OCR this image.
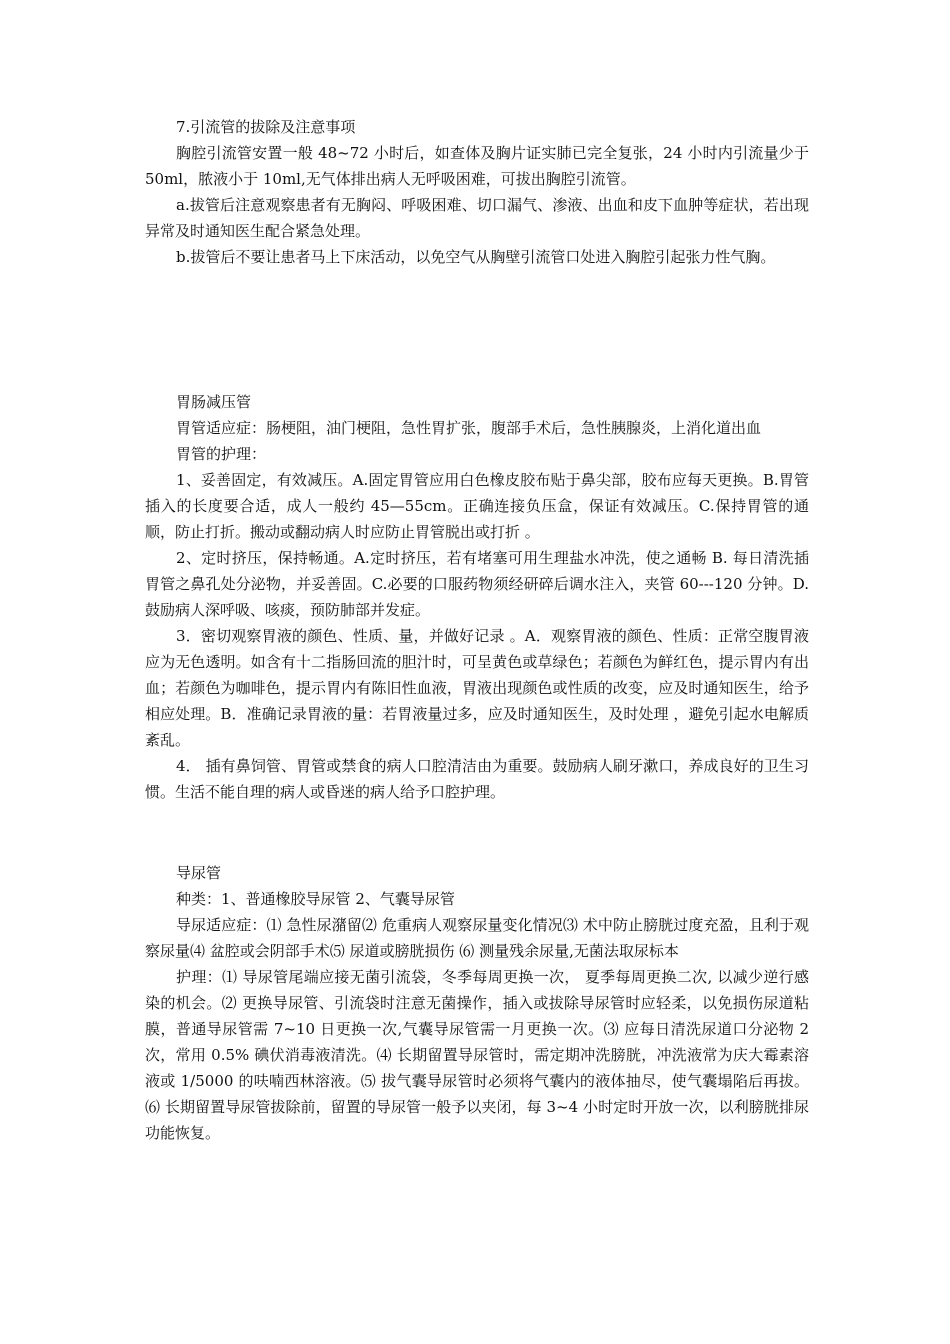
7.引流管的拔除及注意事项

胸腔引流管安置一般 48~72 小时后，如查体及胸片证实肺已完全复张，24 小时内引流量少于 50ml，脓液小于 10ml,无气体排出病人无呼吸困难，可拔出胸腔引流管。

a.拔管后注意观察患者有无胸闷、呼吸困难、切口漏气、渗液、出血和皮下血肿等症状，若出现异常及时通知医生配合紧急处理。

b.拔管后不要让患者马上下床活动，以免空气从胸壁引流管口处进入胸腔引起张力性气胸。

胃肠减压管

胃管适应症：肠梗阻，油门梗阻，急性胃扩张，腹部手术后，急性胰腺炎，上消化道出血

胃管的护理：

1、妥善固定，有效减压。A.固定胃管应用白色橡皮胶布贴于鼻尖部，胶布应每天更换。B.胃管插入的长度要合适，成人一般约 45—55cm。正确连接负压盒，保证有效减压。C.保持胃管的通顺，防止打折。搬动或翻动病人时应防止胃管脱出或打折 。

2、定时挤压，保持畅通。A.定时挤压，若有堵塞可用生理盐水冲洗，使之通畅 B. 每日清洗插胃管之鼻孔处分泌物，并妥善固。C.必要的口服药物须经研碎后调水注入，夹管 60---120 分钟。D. 鼓励病人深呼吸、咳痰，预防肺部并发症。

3．密切观察胃液的颜色、性质、量，并做好记录 。A．观察胃液的颜色、性质：正常空腹胃液应为无色透明。如含有十二指肠回流的胆汁时，可呈黄色或草绿色；若颜色为鲜红色，提示胃内有出血；若颜色为咖啡色，提示胃内有陈旧性血液，胃液出现颜色或性质的改变，应及时通知医生，给予相应处理。B．准确记录胃液的量：若胃液量过多，应及时通知医生，及时处理 ，避免引起水电解质紊乱。

4． 插有鼻饲管、胃管或禁食的病人口腔清洁由为重要。鼓励病人刷牙漱口，养成良好的卫生习惯。生活不能自理的病人或昏迷的病人给予口腔护理。

导尿管

种类：1、普通橡胶导尿管 2、气囊导尿管

导尿适应症：⑴ 急性尿潴留⑵ 危重病人观察尿量变化情况⑶ 术中防止膀胱过度充盈，且利于观察尿量⑷ 盆腔或会阴部手术⑸ 尿道或膀胱损伤 ⑹ 测量残余尿量,无菌法取尿标本

护理：⑴ 导尿管尾端应接无菌引流袋，冬季每周更换一次， 夏季每周更换二次, 以减少逆行感染的机会。⑵ 更换导尿管、引流袋时注意无菌操作，插入或拔除导尿管时应轻柔，以免损伤尿道粘膜，普通导尿管需 7~10 日更换一次,气囊导尿管需一月更换一次。⑶ 应每日清洗尿道口分泌物 2 次，常用 0.5% 碘伏消毒液清洗。⑷ 长期留置导尿管时，需定期冲洗膀胱，冲洗液常为庆大霉素溶液或 1/5000 的呋喃西林溶液。⑸ 拔气囊导尿管时必须将气囊内的液体抽尽，使气囊塌陷后再拔。⑹ 长期留置导尿管拔除前，留置的导尿管一般予以夹闭，每 3~4 小时定时开放一次，以利膀胱排尿功能恢复。
